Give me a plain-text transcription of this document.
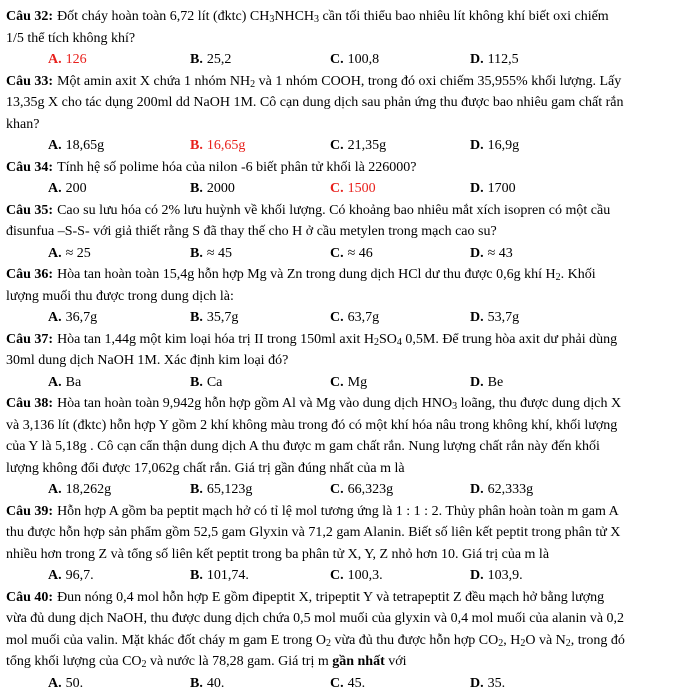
Câu 32: Đốt cháy hoàn toàn 6,72 lít (đktc) $CH_3NHCH_3$ cần tối thiểu bao nhiêu lít không khí biết oxi chiếm
1/5 thể tích không khí?
A. 126	B. 25,2	C. 100,8	D. 112,5
Câu 33: Một amin axit X chứa 1 nhóm $NH_2$ và 1 nhóm COOH, trong đó oxi chiếm 35,955% khối lượng. Lấy
13,35g X cho tác dụng 200ml dd NaOH 1M. Cô cạn dung dịch sau phản ứng thu được bao nhiêu gam chất rắn
khan?
A. 18,65g	B. 16,65g	C. 21,35g	D. 16,9g
Câu 34: Tính hệ số polime hóa của nilon -6 biết phân tử khối là 226000?
A. 200	B. 2000	C. 1500	D. 1700
Câu 35: Cao su lưu hóa có 2% lưu huỳnh về khối lượng. Có khoảng bao nhiêu mắt xích isopren có một cầu
đisunfua –S-S- với giả thiết rằng S đã thay thế cho H ở cầu metylen trong mạch cao su?
A. ≈ 25	B. ≈ 45	C. ≈ 46	D. ≈ 43
Câu 36: Hòa tan hoàn toàn 15,4g hỗn hợp Mg và Zn trong dung dịch HCl dư thu được 0,6g khí $H_2$. Khối
lượng muối thu được trong dung dịch là:
A. 36,7g	B. 35,7g	C. 63,7g	D. 53,7g
Câu 37: Hòa tan 1,44g một kim loại hóa trị II trong 150ml axit $H_2SO_4$ 0,5M. Để trung hòa axit dư phải dùng
30ml dung dịch NaOH 1M. Xác định kim loại đó?
A. Ba	B. Ca	C. Mg	D. Be
Câu 38: Hòa tan hoàn toàn 9,942g hỗn hợp gồm Al và Mg vào dung dịch $HNO_3$ loãng, thu được dung dịch X
và 3,136 lít (đktc) hỗn hợp Y gồm 2 khí không màu trong đó có một khí hóa nâu trong không khí, khối lượng
của Y là 5,18g . Cô cạn cẩn thận dung dịch A thu được m gam chất rắn. Nung lượng chất rắn này đến khối
lượng không đổi được 17,062g chất rắn. Giá trị gần đúng nhất của m là
A. 18,262g	B. 65,123g	C. 66,323g	D. 62,333g
Câu 39: Hỗn hợp A gồm ba peptit mạch hở có tỉ lệ mol tương ứng là 1 : 1 : 2. Thủy phân hoàn toàn m gam A
thu được hỗn hợp sản phẩm gồm 52,5 gam Glyxin và 71,2 gam Alanin. Biết số liên kết peptit trong phân tử X
nhiều hơn trong Z và tổng số liên kết peptit trong ba phân tử X, Y, Z nhỏ hơn 10. Giá trị của m là
A. 96,7.	B. 101,74.	C. 100,3.	D. 103,9.
Câu 40: Đun nóng 0,4 mol hỗn hợp E gồm đipeptit X, tripeptit Y và tetrapeptit Z đều mạch hở bằng lượng
vừa đủ dung dịch NaOH, thu được dung dịch chứa 0,5 mol muối của glyxin và 0,4 mol muối của alanin và 0,2
mol muối của valin. Mặt khác đốt cháy m gam E trong $O_2$ vừa đủ thu được hỗn hợp $CO_2$, $H_2O$ và $N_2$, trong đó
tổng khối lượng của $CO_2$ và nước là 78,28 gam. Giá trị m gần nhất với
A. 50.	B. 40.	C. 45.	D. 35.
